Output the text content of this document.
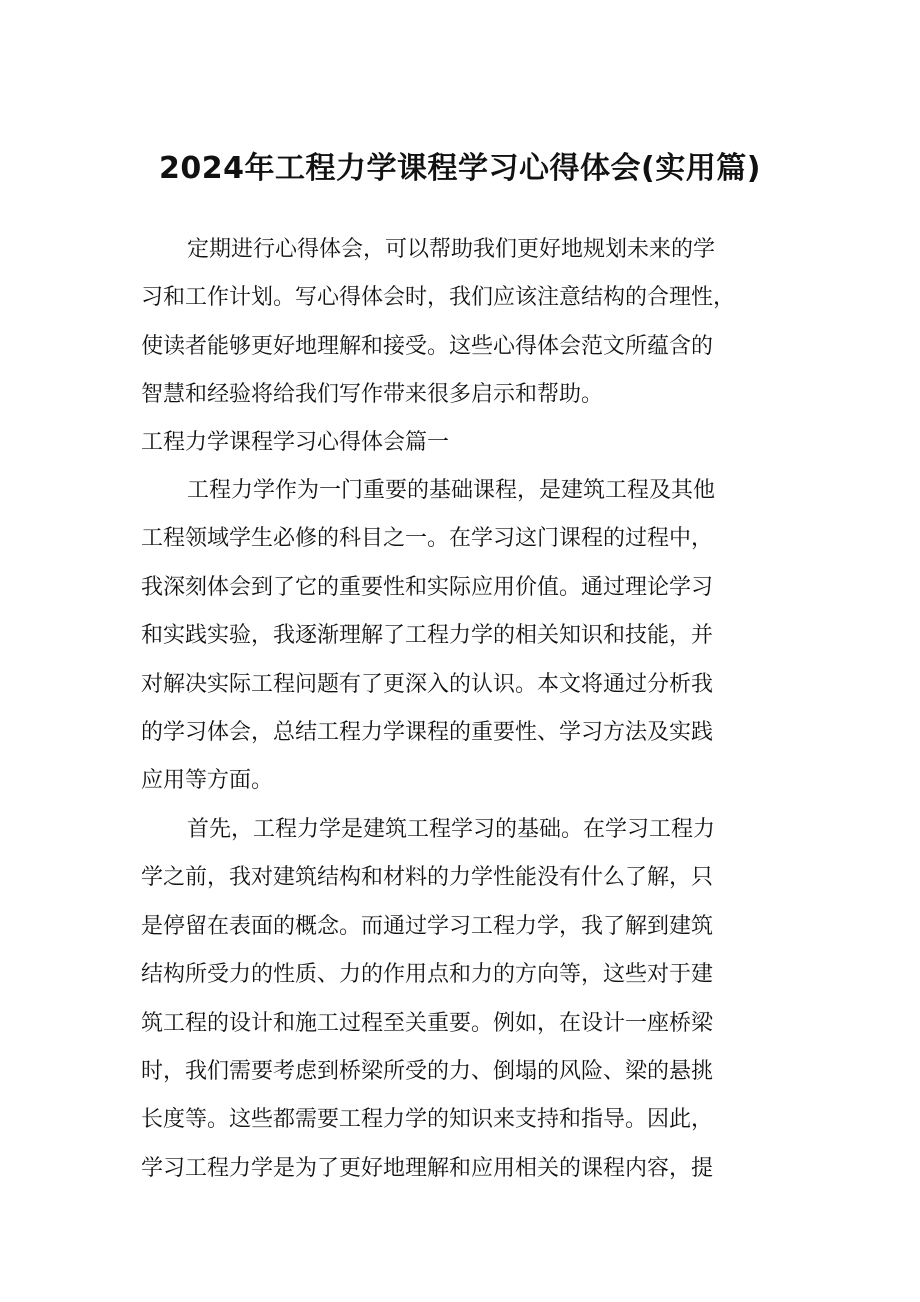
2024年工程力学课程学习心得体会(实用篇)
定期进行心得体会，可以帮助我们更好地规划未来的学
习和工作计划。写心得体会时，我们应该注意结构的合理性，
使读者能够更好地理解和接受。这些心得体会范文所蕴含的
智慧和经验将给我们写作带来很多启示和帮助。
工程力学课程学习心得体会篇一
工程力学作为一门重要的基础课程，是建筑工程及其他
工程领域学生必修的科目之一。在学习这门课程的过程中，
我深刻体会到了它的重要性和实际应用价值。通过理论学习
和实践实验，我逐渐理解了工程力学的相关知识和技能，并
对解决实际工程问题有了更深入的认识。本文将通过分析我
的学习体会，总结工程力学课程的重要性、学习方法及实践
应用等方面。
首先，工程力学是建筑工程学习的基础。在学习工程力
学之前，我对建筑结构和材料的力学性能没有什么了解，只
是停留在表面的概念。而通过学习工程力学，我了解到建筑
结构所受力的性质、力的作用点和力的方向等，这些对于建
筑工程的设计和施工过程至关重要。例如，在设计一座桥梁
时，我们需要考虑到桥梁所受的力、倒塌的风险、梁的悬挑
长度等。这些都需要工程力学的知识来支持和指导。因此，
学习工程力学是为了更好地理解和应用相关的课程内容，提
